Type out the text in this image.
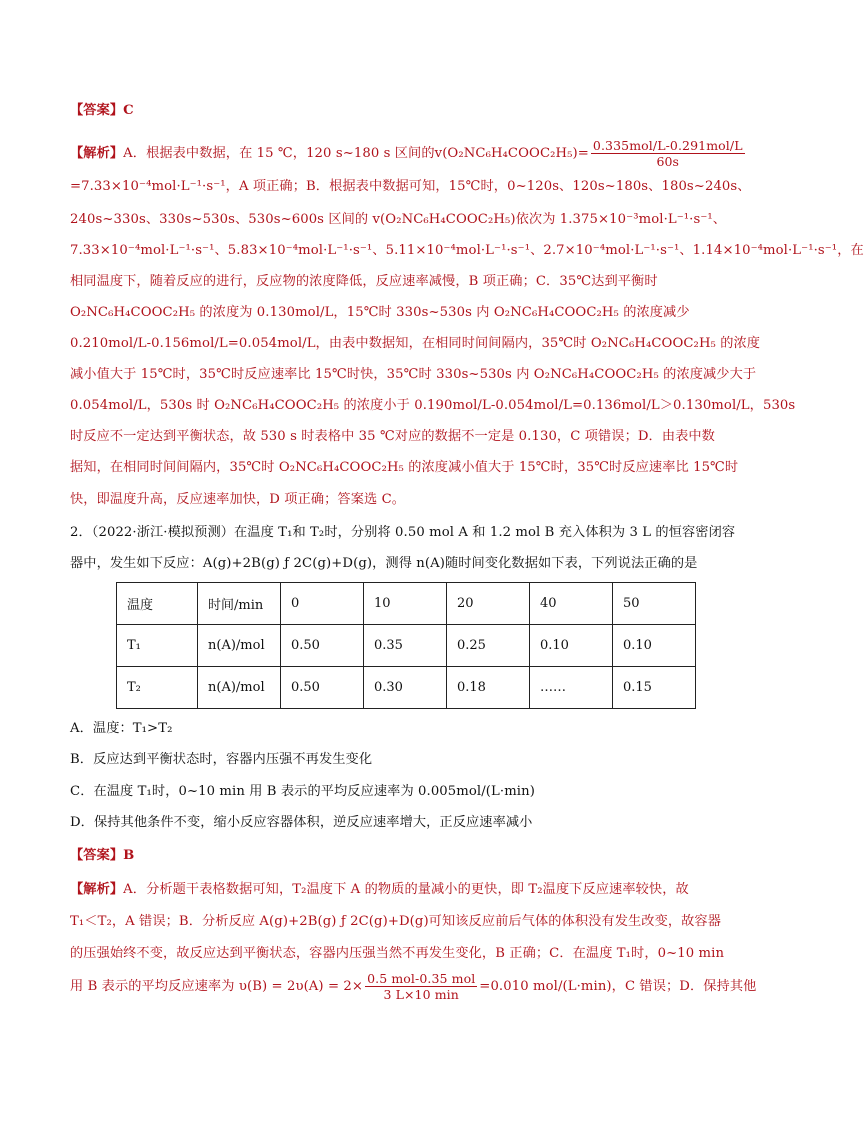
【答案】C
【解析】A．根据表中数据，在 15 ℃，120 s~180 s 区间的v(O₂NC₆H₄COOC₂H₅)= $\frac{\text{0.335mol/L-0.291mol/L}}{60s}$
=7.33×10⁻⁴mol·L⁻¹·s⁻¹，A 项正确；B．根据表中数据可知，15℃时，0~120s、120s~180s、180s~240s、
240s~330s、330s~530s、530s~600s 区间的 v(O₂NC₆H₄COOC₂H₅)依次为 1.375×10⁻³mol·L⁻¹·s⁻¹、
7.33×10⁻⁴mol·L⁻¹·s⁻¹、5.83×10⁻⁴mol·L⁻¹·s⁻¹、5.11×10⁻⁴mol·L⁻¹·s⁻¹、2.7×10⁻⁴mol·L⁻¹·s⁻¹、1.14×10⁻⁴mol·L⁻¹·s⁻¹，在
相同温度下，随着反应的进行，反应物的浓度降低，反应速率减慢，B 项正确；C．35℃达到平衡时
O₂NC₆H₄COOC₂H₅ 的浓度为 0.130mol/L，15℃时 330s~530s 内 O₂NC₆H₄COOC₂H₅ 的浓度减少
0.210mol/L-0.156mol/L=0.054mol/L，由表中数据知，在相同时间间隔内，35℃时 O₂NC₆H₄COOC₂H₅ 的浓度
减小值大于 15℃时，35℃时反应速率比 15℃时快，35℃时 330s~530s 内 O₂NC₆H₄COOC₂H₅ 的浓度减少大于
0.054mol/L，530s 时 O₂NC₆H₄COOC₂H₅ 的浓度小于 0.190mol/L-0.054mol/L=0.136mol/L＞0.130mol/L，530s
时反应不一定达到平衡状态，故 530 s 时表格中 35 ℃对应的数据不一定是 0.130，C 项错误；D．由表中数
据知，在相同时间间隔内，35℃时 O₂NC₆H₄COOC₂H₅ 的浓度减小值大于 15℃时，35℃时反应速率比 15℃时
快，即温度升高，反应速率加快，D 项正确；答案选 C。
2．（2022·浙江·模拟预测）在温度 T₁和 T₂时，分别将 0.50 mol A 和 1.2 mol B 充入体积为 3 L 的恒容密闭容
器中，发生如下反应：A(g)+2B(g) ƒ 2C(g)+D(g)，测得 n(A)随时间变化数据如下表，下列说法正确的是
温度	时间/min	0	10	20	40	50
T₁	n(A)/mol	0.50	0.35	0.25	0.10	0.10
T₂	n(A)/mol	0.50	0.30	0.18	……	0.15
A．温度：T₁>T₂
B．反应达到平衡状态时，容器内压强不再发生变化
C．在温度 T₁时，0~10 min 用 B 表示的平均反应速率为 0.005mol/(L·min)
D．保持其他条件不变，缩小反应容器体积，逆反应速率增大，正反应速率减小
【答案】B
【解析】A．分析题干表格数据可知，T₂温度下 A 的物质的量减小的更快，即 T₂温度下反应速率较快，故
T₁＜T₂，A 错误；B．分析反应 A(g)+2B(g) ƒ 2C(g)+D(g)可知该反应前后气体的体积没有发生改变，故容器
的压强始终不变，故反应达到平衡状态，容器内压强当然不再发生变化，B 正确；C．在温度 T₁时，0~10 min
用 B 表示的平均反应速率为 $\upsilon(B) = 2\upsilon(A) = 2\times \frac{\text{0.5 mol-0.35 mol}}{3 L\times 10 \min} =0.010$ mol/(L·min)，C 错误；D．保持其他
